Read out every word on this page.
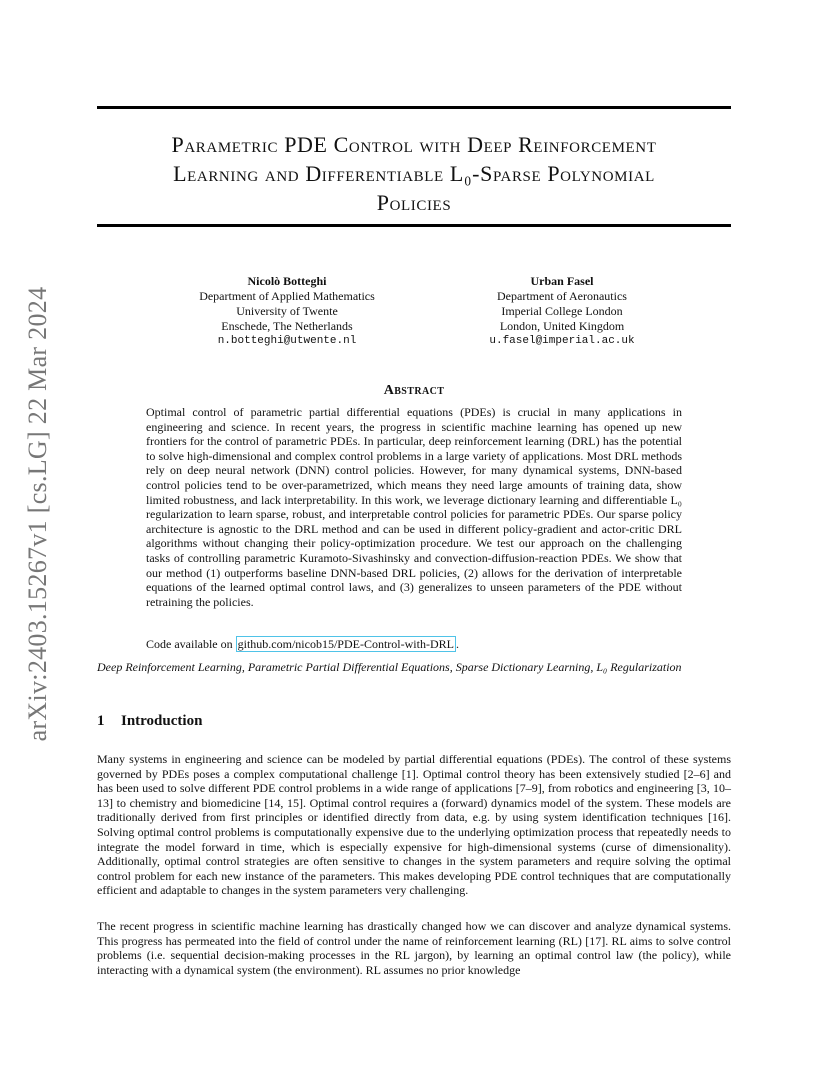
arXiv:2403.15267v1 [cs.LG] 22 Mar 2024
Parametric PDE Control with Deep Reinforcement
Learning and Differentiable L₀-Sparse Polynomial
Policies
Nicolò Botteghi
Department of Applied Mathematics
University of Twente
Enschede, The Netherlands
n.botteghi@utwente.nl
Urban Fasel
Department of Aeronautics
Imperial College London
London, United Kingdom
u.fasel@imperial.ac.uk
Abstract
Optimal control of parametric partial differential equations (PDEs) is crucial in many applications in engineering and science. In recent years, the progress in scientific machine learning has opened up new frontiers for the control of parametric PDEs. In particular, deep reinforcement learning (DRL) has the potential to solve high-dimensional and complex control problems in a large variety of applications. Most DRL methods rely on deep neural network (DNN) control policies. However, for many dynamical systems, DNN-based control policies tend to be over-parametrized, which means they need large amounts of training data, show limited robustness, and lack interpretability. In this work, we leverage dictionary learning and differentiable L₀ regularization to learn sparse, robust, and interpretable control policies for parametric PDEs. Our sparse policy architecture is agnostic to the DRL method and can be used in different policy-gradient and actor-critic DRL algorithms without changing their policy-optimization procedure. We test our approach on the challenging tasks of controlling parametric Kuramoto-Sivashinsky and convection-diffusion-reaction PDEs. We show that our method (1) outperforms baseline DNN-based DRL policies, (2) allows for the derivation of interpretable equations of the learned optimal control laws, and (3) generalizes to unseen parameters of the PDE without retraining the policies.
Code available on github.com/nicob15/PDE-Control-with-DRL .
Deep Reinforcement Learning, Parametric Partial Differential Equations, Sparse Dictionary Learning, L₀ Regularization
1 Introduction
Many systems in engineering and science can be modeled by partial differential equations (PDEs). The control of these systems governed by PDEs poses a complex computational challenge [1]. Optimal control theory has been extensively studied [2–6] and has been used to solve different PDE control problems in a wide range of applications [7–9], from robotics and engineering [3, 10–13] to chemistry and biomedicine [14, 15]. Optimal control requires a (forward) dynamics model of the system. These models are traditionally derived from first principles or identified directly from data, e.g. by using system identification techniques [16]. Solving optimal control problems is computationally expensive due to the underlying optimization process that repeatedly needs to integrate the model forward in time, which is especially expensive for high-dimensional systems (curse of dimensionality). Additionally, optimal control strategies are often sensitive to changes in the system parameters and require solving the optimal control problem for each new instance of the parameters. This makes developing PDE control techniques that are computationally efficient and adaptable to changes in the system parameters very challenging.
The recent progress in scientific machine learning has drastically changed how we can discover and analyze dynamical systems. This progress has permeated into the field of control under the name of reinforcement learning (RL) [17]. RL aims to solve control problems (i.e. sequential decision-making processes in the RL jargon), by learning an optimal control law (the policy), while interacting with a dynamical system (the environment). RL assumes no prior knowledge
